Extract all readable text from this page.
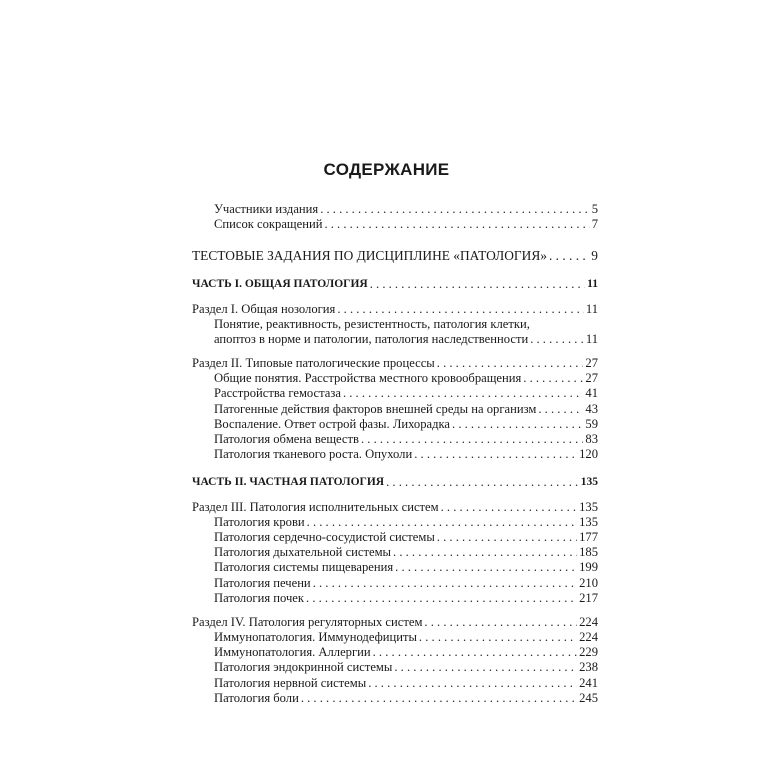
СОДЕРЖАНИЕ
Участники издания . . .	5
Список сокращений . . .	7
ТЕСТОВЫЕ ЗАДАНИЯ ПО ДИСЦИПЛИНЕ «ПАТОЛОГИЯ» . . .	9
ЧАСТЬ I. ОБЩАЯ ПАТОЛОГИЯ . . .	11
Раздел I. Общая нозология . . .	11
Понятие, реактивность, резистентность, патология клетки,
апоптоз в норме и патологии, патология наследственности . . .	11
Раздел II. Типовые патологические процессы . . .	27
Общие понятия. Расстройства местного кровообращения . . .	27
Расстройства гемостаза . . .	41
Патогенные действия факторов внешней среды на организм . . .	43
Воспаление. Ответ острой фазы. Лихорадка . . .	59
Патология обмена веществ . . .	83
Патология тканевого роста. Опухоли . . .	120
ЧАСТЬ II. ЧАСТНАЯ ПАТОЛОГИЯ . . .	135
Раздел III. Патология исполнительных систем . . .	135
Патология крови . . .	135
Патология сердечно-сосудистой системы . . .	177
Патология дыхательной системы . . .	185
Патология системы пищеварения . . .	199
Патология печени . . .	210
Патология почек . . .	217
Раздел IV. Патология регуляторных систем . . .	224
Иммунопатология. Иммунодефициты . . .	224
Иммунопатология. Аллергии . . .	229
Патология эндокринной системы . . .	238
Патология нервной системы . . .	241
Патология боли . . .	245
